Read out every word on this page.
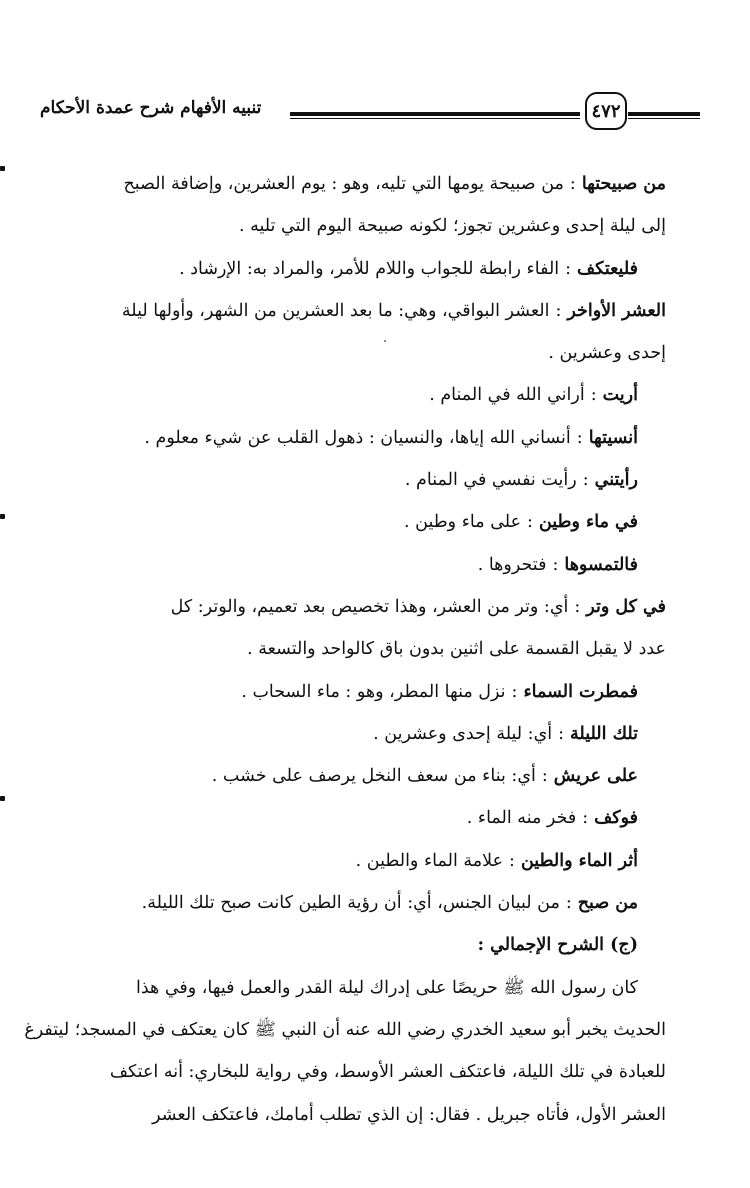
تنبيه الأفهام شرح عمدة الأحكام	٤٧٢
من صبيحتها:من صبيحة يومها التي تليه، وهو : يوم العشرين، وإضافة الصبح
إلى ليلة إحدى وعشرين تجوز؛ لكونه صبيحة اليوم التي تليه .
فليعتكف:الفاء رابطة للجواب واللام للأمر، والمراد به: الإرشاد .
العشر الأواخر:العشر البواقي، وهي: ما بعد العشرين من الشهر، وأولها ليلة
إحدى وعشرين .
أريت:أراني الله في المنام .
أنسيتها:أنساني الله إياها، والنسيان : ذهول القلب عن شيء معلوم .
رأيتني:رأيت نفسي في المنام .
في ماء وطين:على ماء وطين .
فالتمسوها:فتحروها .
في كل وتر:أي: وتر من العشر، وهذا تخصيص بعد تعميم، والوتر: كل
عدد لا يقبل القسمة على اثنين بدون باق كالواحد والتسعة .
فمطرت السماء:نزل منها المطر، وهو : ماء السحاب .
تلك الليلة:أي: ليلة إحدى وعشرين .
على عريش:أي: بناء من سعف النخل يرصف على خشب .
فوكف:فخر منه الماء .
أثر الماء والطين:علامة الماء والطين .
من صبح:من لبيان الجنس، أي: أن رؤية الطين كانت صبح تلك الليلة.
(ج) الشرح الإجمالي :
كان رسول الله ﷺ حريصًا على إدراك ليلة القدر والعمل فيها، وفي هذا
الحديث يخبر أبو سعيد الخدري رضي الله عنه أن النبي ﷺ كان يعتكف في المسجد؛ ليتفرغ
للعبادة في تلك الليلة، فاعتكف العشر الأوسط، وفي رواية للبخاري: أنه اعتكف
العشر الأول، فأتاه جبريل . فقال: إن الذي تطلب أمامك، فاعتكف العشر
